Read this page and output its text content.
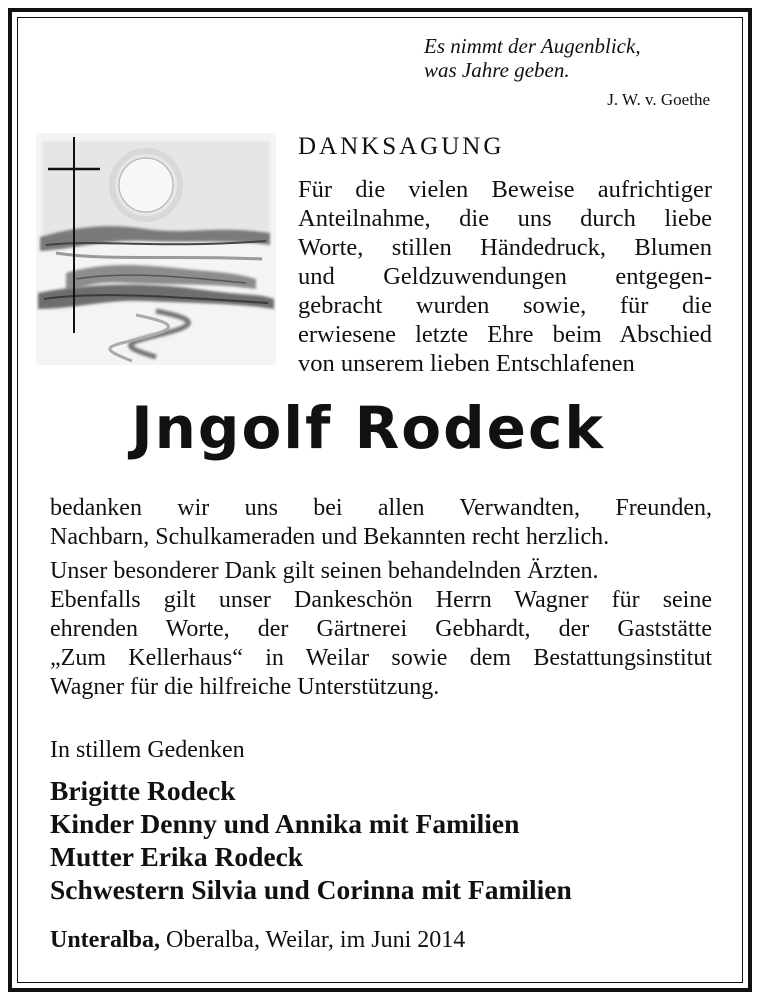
Es nimmt der Augenblick,
was Jahre geben.
J. W. v. Goethe
DANKSAGUNG
Für die vielen Beweise aufrichtiger
Anteilnahme, die uns durch liebe
Worte, stillen Händedruck, Blumen
und Geldzuwendungen entgegen-
gebracht wurden sowie, für die
erwiesene letzte Ehre beim Abschied
von unserem lieben Entschlafenen
Jngolf Rodeck
bedanken wir uns bei allen Verwandten, Freunden,
Nachbarn, Schulkameraden und Bekannten recht herzlich.
Unser besonderer Dank gilt seinen behandelnden Ärzten.
Ebenfalls gilt unser Dankeschön Herrn Wagner für seine
ehrenden Worte, der Gärtnerei Gebhardt, der Gaststätte
„Zum Kellerhaus“ in Weilar sowie dem Bestattungsinstitut
Wagner für die hilfreiche Unterstützung.
In stillem Gedenken
Brigitte Rodeck
Kinder Denny und Annika mit Familien
Mutter Erika Rodeck
Schwestern Silvia und Corinna mit Familien
Unteralba, Oberalba, Weilar, im Juni 2014
